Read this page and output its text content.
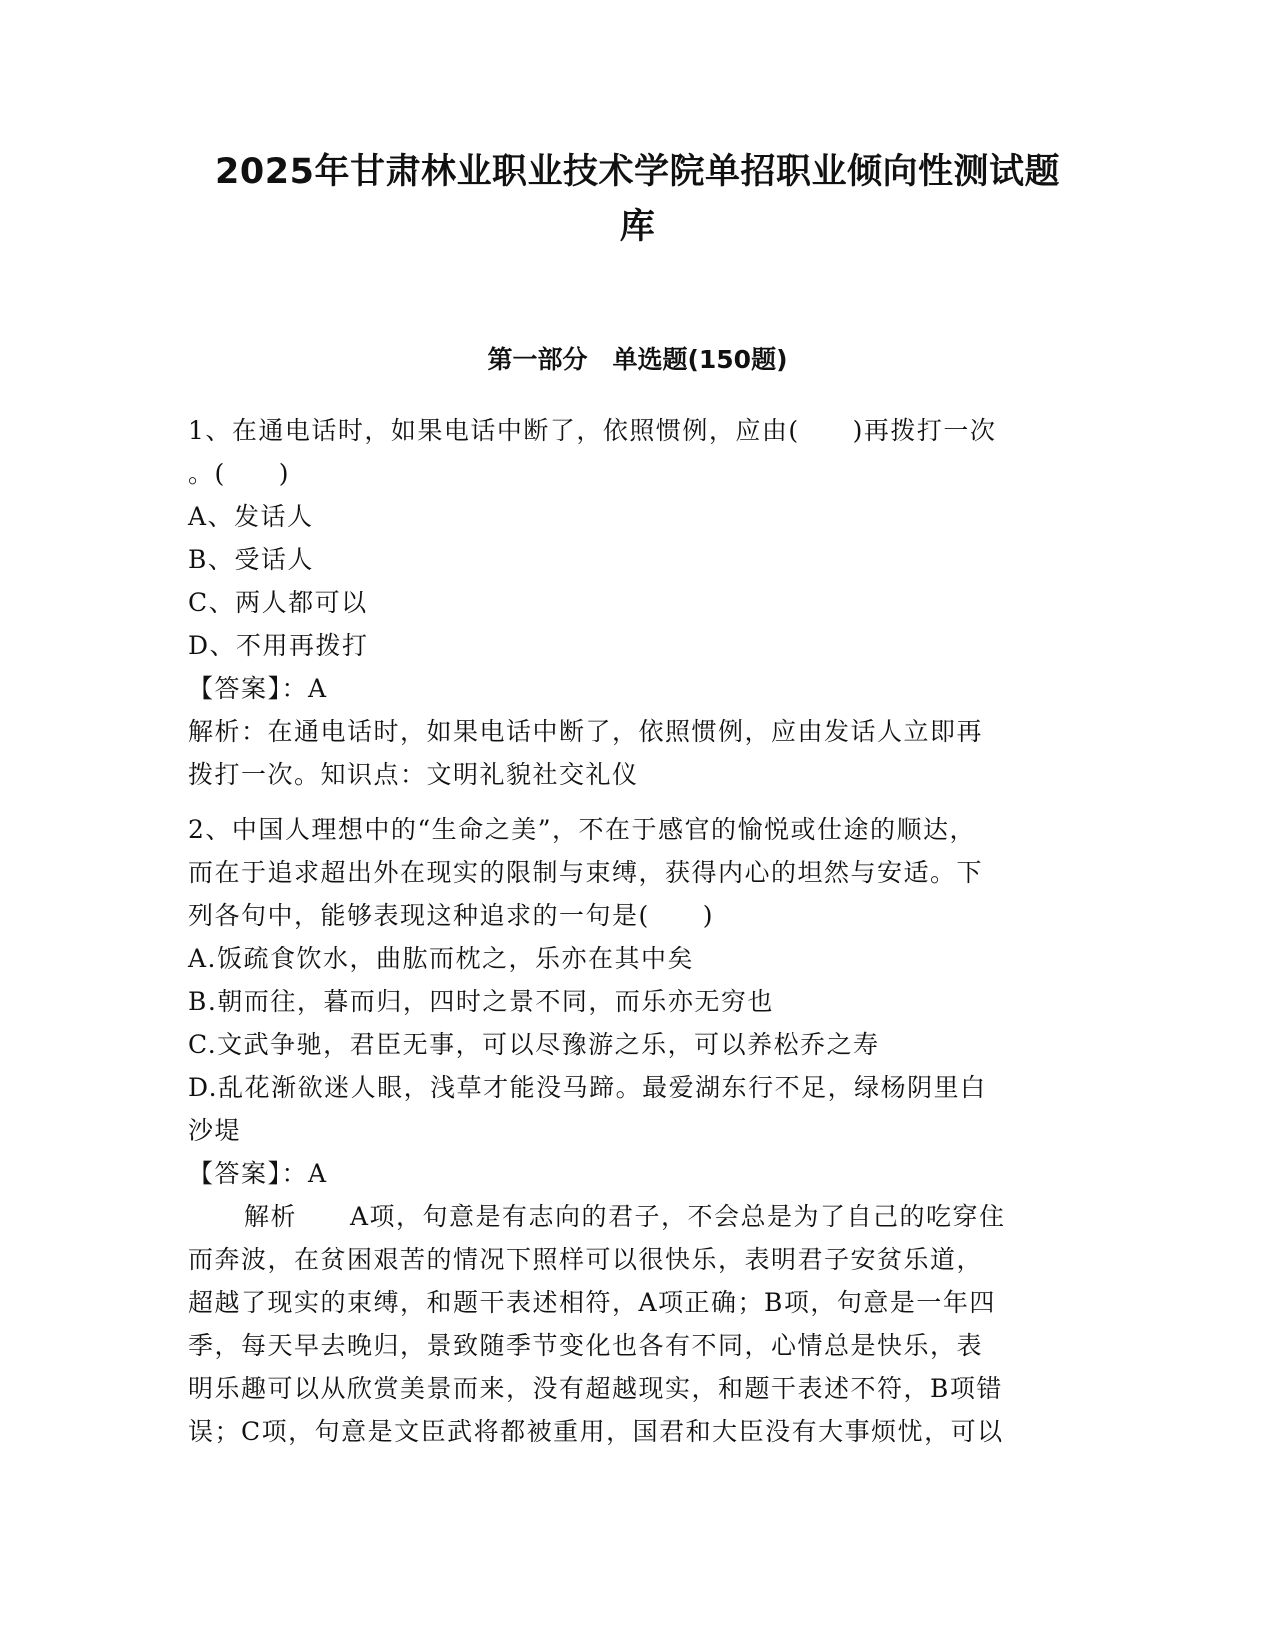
2025年甘肃林业职业技术学院单招职业倾向性测试题
库
第一部分　单选题(150题)
1、在通电话时，如果电话中断了，依照惯例，应由(　　)再拨打一次
。(　　)
A、发话人
B、受话人
C、两人都可以
D、不用再拨打
【答案】：A
解析：在通电话时，如果电话中断了，依照惯例，应由发话人立即再
拨打一次。知识点：文明礼貌社交礼仪
2、中国人理想中的“生命之美”，不在于感官的愉悦或仕途的顺达，
而在于追求超出外在现实的限制与束缚，获得内心的坦然与安适。下
列各句中，能够表现这种追求的一句是(　　)
A.饭疏食饮水，曲肱而枕之，乐亦在其中矣
B.朝而往，暮而归，四时之景不同，而乐亦无穷也
C.文武争驰，君臣无事，可以尽豫游之乐，可以养松乔之寿
D.乱花渐欲迷人眼，浅草才能没马蹄。最爱湖东行不足，绿杨阴里白
沙堤
【答案】：A
解析　　A项，句意是有志向的君子，不会总是为了自己的吃穿住
而奔波，在贫困艰苦的情况下照样可以很快乐，表明君子安贫乐道，
超越了现实的束缚，和题干表述相符，A项正确；B项，句意是一年四
季，每天早去晚归，景致随季节变化也各有不同，心情总是快乐，表
明乐趣可以从欣赏美景而来，没有超越现实，和题干表述不符，B项错
误；C项，句意是文臣武将都被重用，国君和大臣没有大事烦忧，可以
